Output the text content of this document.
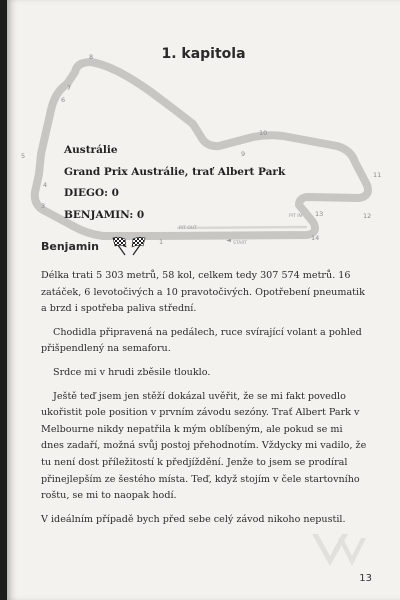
1
12
3
4
5
6
7
8
9
10
11
13
14
PIT OUT
PIT IN
START
1. kapitola
Austrálie
Grand Prix Austrálie, trať Albert Park
DIEGO: 0
BENJAMIN: 0
Benjamin

Délka trati 5 303 metrů, 58 kol, celkem tedy 307 574 metrů. 16 zatáček, 6 levotočivých a 10 pravotočivých. Opotřebení pneumatik a brzd i spotřeba paliva střední.

Chodidla připravená na pedálech, ruce svírající volant a pohled přišpendlený na semaforu.

Srdce mi v hrudi zběsile tlouklo.

Ještě teď jsem jen stěží dokázal uvěřit, že se mi fakt povedlo ukořistit pole position v prvním závodu sezóny. Trať Albert Park v Melbourne nikdy nepatřila k mým oblíbeným, ale pokud se mi dnes zadaří, možná svůj postoj přehodnotím. Vždycky mi vadilo, že tu není dost příležitostí k předjíždění. Jenže to jsem se prodíral přinejlepším ze šestého místa. Teď, když stojím v čele startovního roštu, se mi to naopak hodí.

V ideálním případě bych před sebe celý závod nikoho nepustil.

13
